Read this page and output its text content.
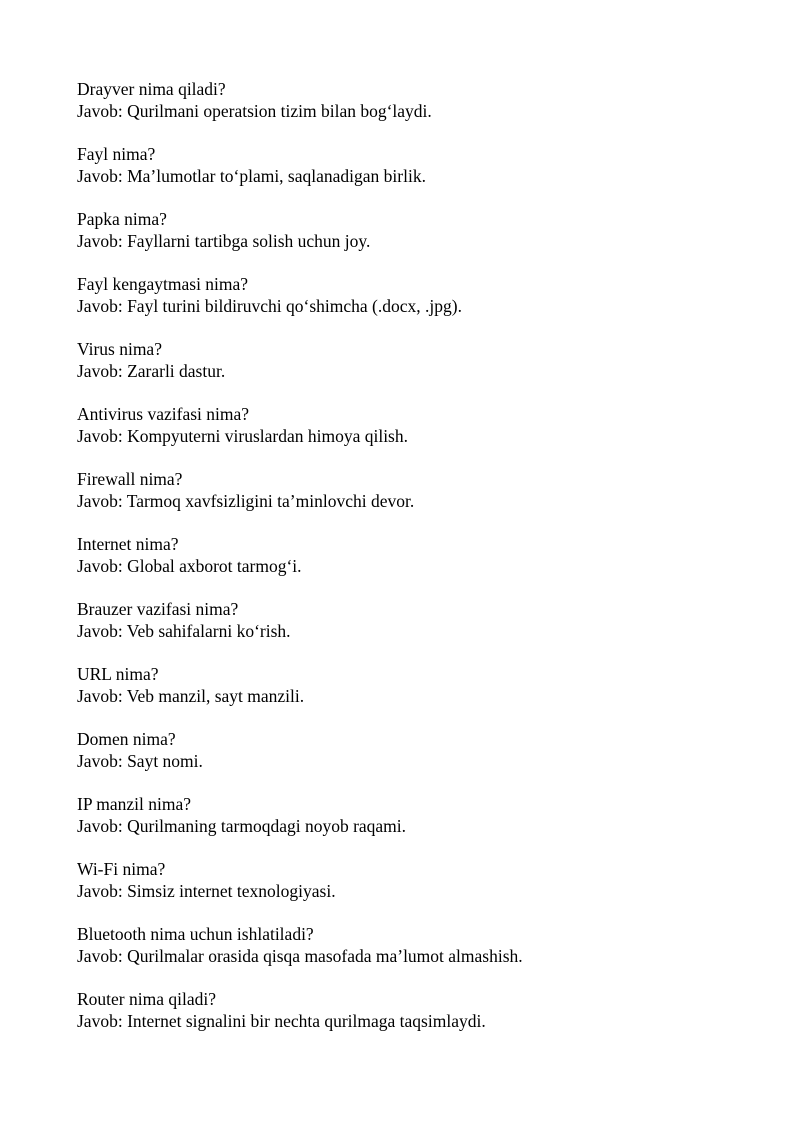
Drayver nima qiladi?
Javob: Qurilmani operatsion tizim bilan bog‘laydi.
Fayl nima?
Javob: Ma’lumotlar to‘plami, saqlanadigan birlik.
Papka nima?
Javob: Fayllarni tartibga solish uchun joy.
Fayl kengaytmasi nima?
Javob: Fayl turini bildiruvchi qo‘shimcha (.docx, .jpg).
Virus nima?
Javob: Zararli dastur.
Antivirus vazifasi nima?
Javob: Kompyuterni viruslardan himoya qilish.
Firewall nima?
Javob: Tarmoq xavfsizligini ta’minlovchi devor.
Internet nima?
Javob: Global axborot tarmog‘i.
Brauzer vazifasi nima?
Javob: Veb sahifalarni ko‘rish.
URL nima?
Javob: Veb manzil, sayt manzili.
Domen nima?
Javob: Sayt nomi.
IP manzil nima?
Javob: Qurilmaning tarmoqdagi noyob raqami.
Wi-Fi nima?
Javob: Simsiz internet texnologiyasi.
Bluetooth nima uchun ishlatiladi?
Javob: Qurilmalar orasida qisqa masofada ma’lumot almashish.
Router nima qiladi?
Javob: Internet signalini bir nechta qurilmaga taqsimlaydi.
